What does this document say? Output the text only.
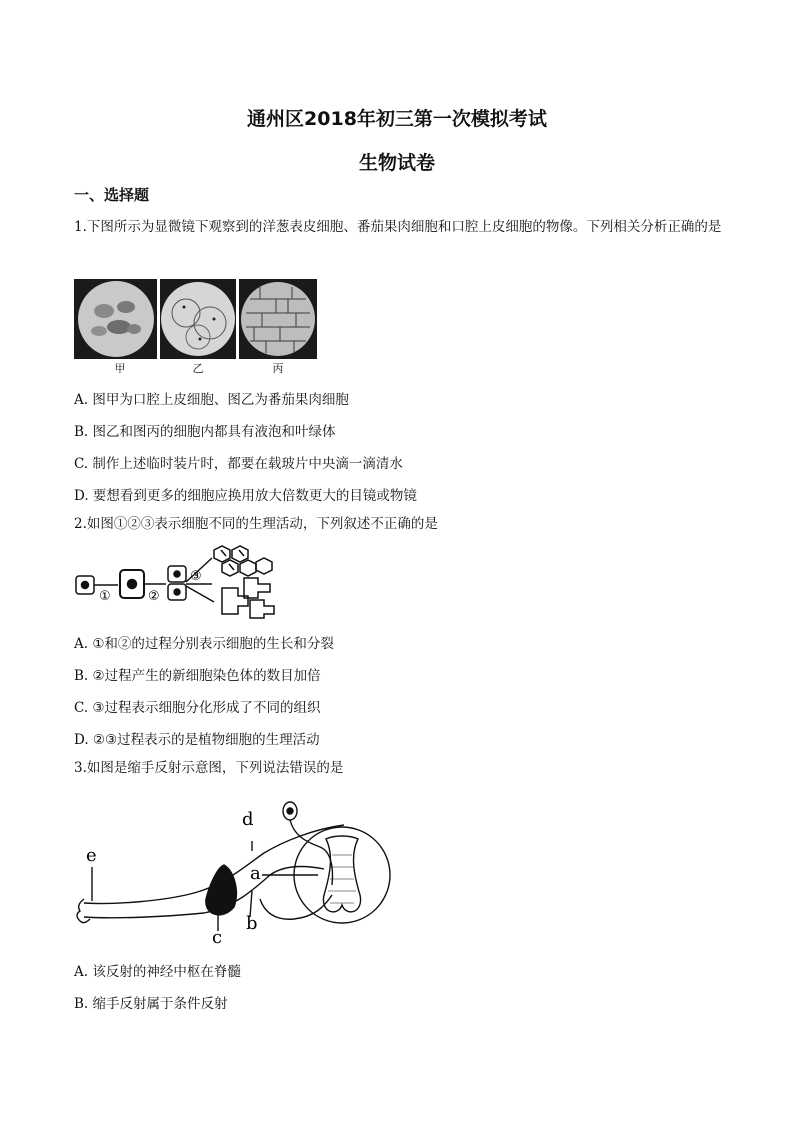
通州区2018年初三第一次模拟考试
生物试卷
一、选择题
1.下图所示为显微镜下观察到的洋葱表皮细胞、番茄果肉细胞和口腔上皮细胞的物像。下列相关分析正确的是
甲	乙	丙
A. 图甲为口腔上皮细胞、图乙为番茄果肉细胞
B. 图乙和图丙的细胞内都具有液泡和叶绿体
C. 制作上述临时装片时，都要在载玻片中央滴一滴清水
D. 要想看到更多的细胞应换用放大倍数更大的目镜或物镜
2.如图①②③表示细胞不同的生理活动，下列叙述不正确的是
①	②
③
A. ①和②的过程分别表示细胞的生长和分裂
B. ②过程产生的新细胞染色体的数目加倍
C. ③过程表示细胞分化形成了不同的组织
D. ②③过程表示的是植物细胞的生理活动
3.如图是缩手反射示意图，下列说法错误的是
d
e
a
c
b
A. 该反射的神经中枢在脊髓
B. 缩手反射属于条件反射
